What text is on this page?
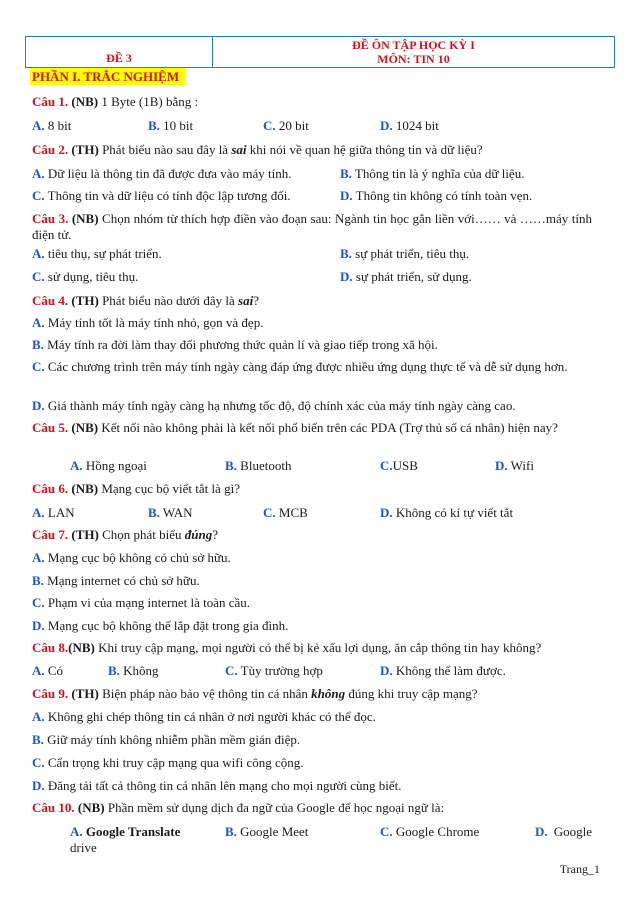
ĐỀ 3
ĐỀ ÔN TẬP HỌC KỲ I
MÔN: TIN 10
PHẦN I. TRẮC NGHIỆM
Câu 1. (NB) 1 Byte (1B) bằng :
A. 8 bit	B. 10 bit	C. 20 bit	D. 1024 bit
Câu 2. (TH) Phát biểu nào sau đây là sai khi nói về quan hệ giữa thông tin và dữ liệu?
A. Dữ liệu là thông tin đã được đưa vào máy tính.	B. Thông tin là ý nghĩa của dữ liệu.
C. Thông tin và dữ liệu có tính độc lập tương đối.	D. Thông tin không có tính toàn vẹn.
Câu 3. (NB) Chọn nhóm từ thích hợp điền vào đoạn sau: Ngành tin học gắn liền với…… và ……máy tính điện tử.
A. tiêu thụ, sự phát triển.	B. sự phát triển, tiêu thụ.
C. sử dụng, tiêu thụ.	D. sự phát triển, sử dụng.
Câu 4. (TH) Phát biểu nào dưới đây là sai?
A. Máy tính tốt là máy tính nhỏ, gọn và đẹp.
B. Máy tính ra đời làm thay đổi phương thức quản lí và giao tiếp trong xã hội.
C. Các chương trình trên máy tính ngày càng đáp ứng được nhiều ứng dụng thực tế và dễ sử dụng hơn.
D. Giá thành máy tính ngày càng hạ nhưng tốc độ, độ chính xác của máy tính ngày càng cao.
Câu 5. (NB) Kết nối nào không phải là kết nối phổ biến trên các PDA (Trợ thủ số cá nhân) hiện nay?
A. Hồng ngoại	B. Bluetooth	C.USB	D. Wifi
Câu 6. (NB) Mạng cục bộ viết tắt là gì?
A. LAN	B. WAN	C. MCB	D. Không có kí tự viết tắt
Câu 7. (TH) Chọn phát biểu đúng?
A. Mạng cục bộ không có chủ sở hữu.
B. Mạng internet có chủ sở hữu.
C. Phạm vi của mạng internet là toàn cầu.
D. Mạng cục bộ không thể lắp đặt trong gia đình.
Câu 8.(NB) Khi truy cập mạng, mọi người có thể bị kẻ xấu lợi dụng, ăn cắp thông tin hay không?
A. Có	B. Không	C. Tùy trường hợp	D. Không thể làm được.
Câu 9. (TH) Biện pháp nào bảo vệ thông tin cá nhân không đúng khi truy cập mạng?
A. Không ghi chép thông tin cá nhân ở nơi người khác có thể đọc.
B. Giữ máy tính không nhiễm phần mềm gián điệp.
C. Cẩn trọng khi truy cập mạng qua wifi công cộng.
D. Đăng tải tất cả thông tin cá nhân lên mạng cho mọi người cùng biết.
Câu 10. (NB) Phần mềm sử dụng dịch đa ngữ của Google để học ngoại ngữ là:
A. Google Translate	B. Google Meet	C. Google Chrome	D. Google drive
Trang_1
